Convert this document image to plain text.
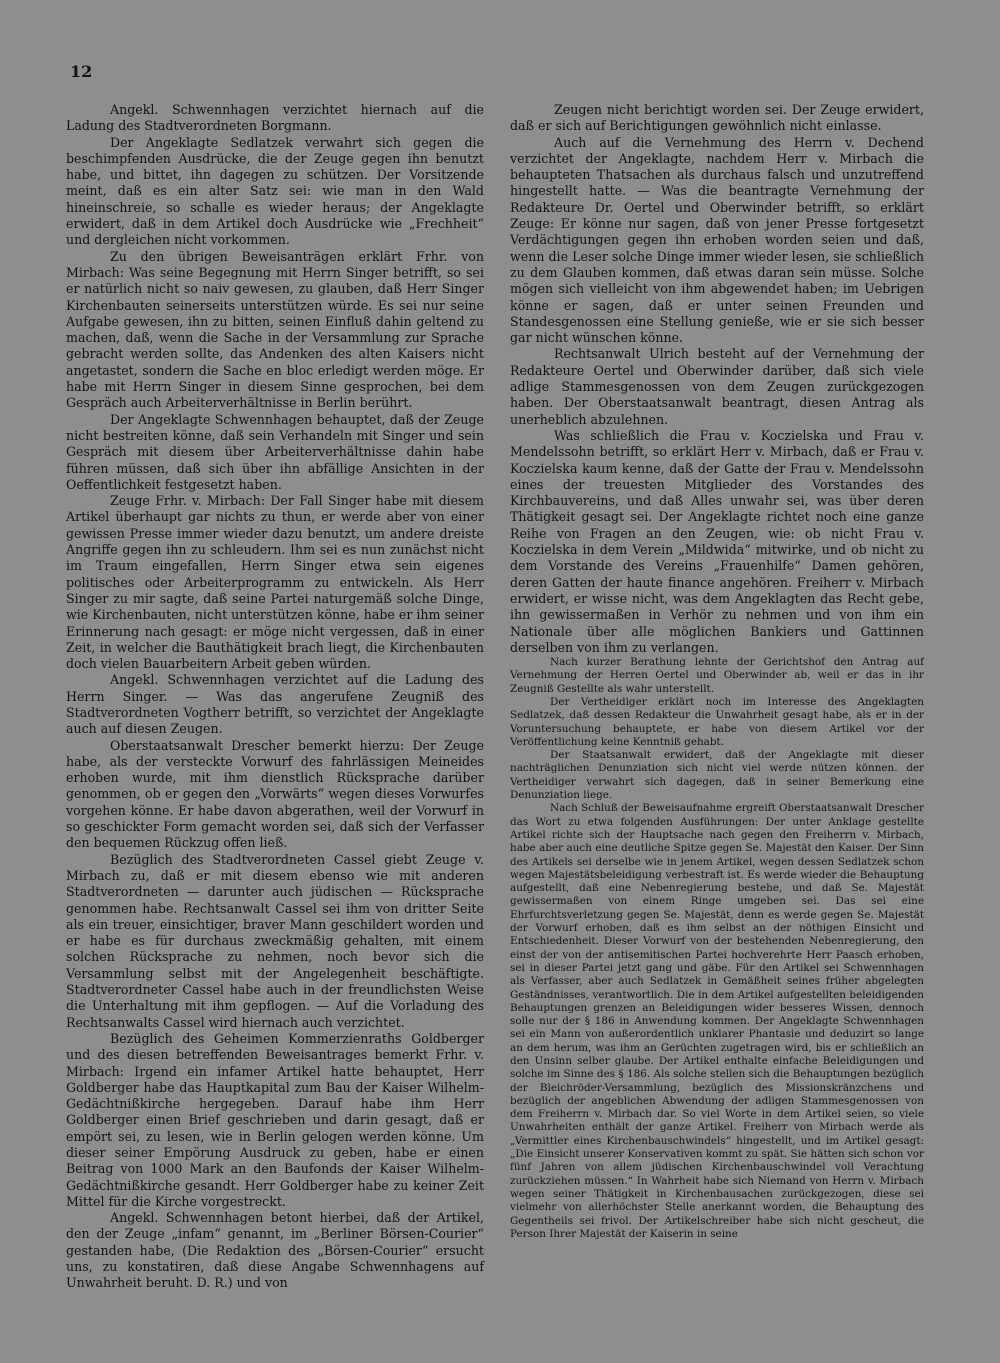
12

Angekl. Schwennhagen verzichtet hiernach auf die Ladung des Stadtverordneten Borgmann.

Der Angeklagte Sedlatzek verwahrt sich gegen die beschimpfenden Ausdrücke, die der Zeuge gegen ihn benutzt habe, und bittet, ihn dagegen zu schützen. Der Vorsitzende meint, daß es ein alter Satz sei: wie man in den Wald hineinschreie, so schalle es wieder heraus; der Angeklagte erwidert, daß in dem Artikel doch Ausdrücke wie „Frechheit“ und dergleichen nicht vorkommen.

Zu den übrigen Beweisanträgen erklärt Frhr. von Mirbach: Was seine Begegnung mit Herrn Singer betrifft, so sei er natürlich nicht so naiv gewesen, zu glauben, daß Herr Singer Kirchenbauten seinerseits unterstützen würde. Es sei nur seine Aufgabe gewesen, ihn zu bitten, seinen Einfluß dahin geltend zu machen, daß, wenn die Sache in der Versammlung zur Sprache gebracht werden sollte, das Andenken des alten Kaisers nicht angetastet, sondern die Sache en bloc erledigt werden möge. Er habe mit Herrn Singer in diesem Sinne gesprochen, bei dem Gespräch auch Arbeiterverhältnisse in Berlin berührt.

Der Angeklagte Schwennhagen behauptet, daß der Zeuge nicht bestreiten könne, daß sein Verhandeln mit Singer und sein Gespräch mit diesem über Arbeiterverhältnisse dahin habe führen müssen, daß sich über ihn abfällige Ansichten in der Oeffentlichkeit festgesetzt haben.

Zeuge Frhr. v. Mirbach: Der Fall Singer habe mit diesem Artikel überhaupt gar nichts zu thun, er werde aber von einer gewissen Presse immer wieder dazu benutzt, um andere dreiste Angriffe gegen ihn zu schleudern. Ihm sei es nun zunächst nicht im Traum eingefallen, Herrn Singer etwa sein eigenes politisches oder Arbeiterprogramm zu entwickeln. Als Herr Singer zu mir sagte, daß seine Partei naturgemäß solche Dinge, wie Kirchenbauten, nicht unterstützen könne, habe er ihm seiner Erinnerung nach gesagt: er möge nicht vergessen, daß in einer Zeit, in welcher die Bauthätigkeit brach liegt, die Kirchenbauten doch vielen Bauarbeitern Arbeit geben würden.

Angekl. Schwennhagen verzichtet auf die Ladung des Herrn Singer. — Was das angerufene Zeugniß des Stadtverordneten Vogtherr betrifft, so verzichtet der Angeklagte auch auf diesen Zeugen.

Oberstaatsanwalt Drescher bemerkt hierzu: Der Zeuge habe, als der versteckte Vorwurf des fahrlässigen Meineides erhoben wurde, mit ihm dienstlich Rücksprache darüber genommen, ob er gegen den „Vorwärts“ wegen dieses Vorwurfes vorgehen könne. Er habe davon abgerathen, weil der Vorwurf in so geschickter Form gemacht worden sei, daß sich der Verfasser den bequemen Rückzug offen ließ.

Bezüglich des Stadtverordneten Cassel giebt Zeuge v. Mirbach zu, daß er mit diesem ebenso wie mit anderen Stadtverordneten — darunter auch jüdischen — Rücksprache genommen habe. Rechtsanwalt Cassel sei ihm von dritter Seite als ein treuer, einsichtiger, braver Mann geschildert worden und er habe es für durchaus zweckmäßig gehalten, mit einem solchen Rücksprache zu nehmen, noch bevor sich die Versammlung selbst mit der Angelegenheit beschäftigte. Stadtverordneter Cassel habe auch in der freundlichsten Weise die Unterhaltung mit ihm gepflogen. — Auf die Vorladung des Rechtsanwalts Cassel wird hiernach auch verzichtet.

Bezüglich des Geheimen Kommerzienraths Goldberger und des diesen betreffenden Beweisantrages bemerkt Frhr. v. Mirbach: Irgend ein infamer Artikel hatte behauptet, Herr Goldberger habe das Hauptkapital zum Bau der Kaiser Wilhelm-Gedächtnißkirche hergegeben. Darauf habe ihm Herr Goldberger einen Brief geschrieben und darin gesagt, daß er empört sei, zu lesen, wie in Berlin gelogen werden könne. Um dieser seiner Empörung Ausdruck zu geben, habe er einen Beitrag von 1000 Mark an den Baufonds der Kaiser Wilhelm-Gedächtnißkirche gesandt. Herr Goldberger habe zu keiner Zeit Mittel für die Kirche vorgestreckt.

Angekl. Schwennhagen betont hierbei, daß der Artikel, den der Zeuge „infam“ genannt, im „Berliner Börsen-Courier“ gestanden habe, (Die Redaktion des „Börsen-Courier“ ersucht uns, zu konstatiren, daß diese Angabe Schwennhagens auf Unwahrheit beruht. D. R.) und von

Zeugen nicht berichtigt worden sei. Der Zeuge erwidert, daß er sich auf Berichtigungen gewöhnlich nicht einlasse.

Auch auf die Vernehmung des Herrn v. Dechend verzichtet der Angeklagte, nachdem Herr v. Mirbach die behaupteten Thatsachen als durchaus falsch und unzutreffend hingestellt hatte. — Was die beantragte Vernehmung der Redakteure Dr. Oertel und Oberwinder betrifft, so erklärt Zeuge: Er könne nur sagen, daß von jener Presse fortgesetzt Verdächtigungen gegen ihn erhoben worden seien und daß, wenn die Leser solche Dinge immer wieder lesen, sie schließlich zu dem Glauben kommen, daß etwas daran sein müsse. Solche mögen sich vielleicht von ihm abgewendet haben; im Uebrigen könne er sagen, daß er unter seinen Freunden und Standesgenossen eine Stellung genieße, wie er sie sich besser gar nicht wünschen könne.

Rechtsanwalt Ulrich besteht auf der Vernehmung der Redakteure Oertel und Oberwinder darüber, daß sich viele adlige Stammesgenossen von dem Zeugen zurückgezogen haben. Der Oberstaatsanwalt beantragt, diesen Antrag als unerheblich abzulehnen.

Was schließlich die Frau v. Koczielska und Frau v. Mendelssohn betrifft, so erklärt Herr v. Mirbach, daß er Frau v. Koczielska kaum kenne, daß der Gatte der Frau v. Mendelssohn eines der treuesten Mitglieder des Vorstandes des Kirchbauvereins, und daß Alles unwahr sei, was über deren Thätigkeit gesagt sei. Der Angeklagte richtet noch eine ganze Reihe von Fragen an den Zeugen, wie: ob nicht Frau v. Koczielska in dem Verein „Mildwida“ mitwirke, und ob nicht zu dem Vorstande des Vereins „Frauenhilfe“ Damen gehören, deren Gatten der haute finance angehören. Freiherr v. Mirbach erwidert, er wisse nicht, was dem Angeklagten das Recht gebe, ihn gewissermaßen in Verhör zu nehmen und von ihm ein Nationale über alle möglichen Bankiers und Gattinnen derselben von ihm zu verlangen.

Nach kurzer Berathung lehnte der Gerichtshof den Antrag auf Vernehmung der Herren Oertel und Oberwinder ab, weil er das in ihr Zeugniß Gestellte als wahr unterstellt.

Der Vertheidiger erklärt noch im Interesse des Angeklagten Sedlatzek, daß dessen Redakteur die Unwahrheit gesagt habe, als er in der Voruntersuchung behauptete, er habe von diesem Artikel vor der Veröffentlichung keine Kenntniß gehabt.

Der Staatsanwalt erwidert, daß der Angeklagte mit dieser nachträglichen Denunziation sich nicht viel werde nützen können. der Vertheidiger verwahrt sich dagegen, daß in seiner Bemerkung eine Denunziation liege.

Nach Schluß der Beweisaufnahme ergreift Oberstaatsanwalt Drescher das Wort zu etwa folgenden Ausführungen: Der unter Anklage gestellte Artikel richte sich der Hauptsache nach gegen den Freiherrn v. Mirbach, habe aber auch eine deutliche Spitze gegen Se. Majestät den Kaiser. Der Sinn des Artikels sei derselbe wie in jenem Artikel, wegen dessen Sedlatzek schon wegen Majestätsbeleidigung verbestraft ist. Es werde wieder die Behauptung aufgestellt, daß eine Nebenregierung bestehe, und daß Se. Majestät gewissermaßen von einem Ringe umgeben sei. Das sei eine Ehrfurchtsverletzung gegen Se. Majestät, denn es werde gegen Se. Majestät der Vorwurf erhoben, daß es ihm selbst an der nöthigen Einsicht und Entschiedenheit. Dieser Vorwurf von der bestehenden Nebenregierung, den einst der von der antisemitischen Partei hochverehrte Herr Paasch erhoben, sei in dieser Partei jetzt gang und gäbe. Für den Artikel sei Schwennhagen als Verfasser, aber auch Sedlatzek in Gemäßheit seines früher abgelegten Geständnisses, verantwortlich. Die in dem Artikel aufgestellten beleidigenden Behauptungen grenzen an Beleidigungen wider besseres Wissen, dennoch solle nur der § 186 in Anwendung kommen. Der Angeklagte Schwennhagen sei ein Mann von außerordentlich unklarer Phantasie und deduzirt so lange an dem herum, was ihm an Gerüchten zugetragen wird, bis er schließlich an den Unsinn selber glaube. Der Artikel enthalte einfache Beleidigungen und solche im Sinne des § 186. Als solche stellen sich die Behauptungen bezüglich der Bleichröder-Versammlung, bezüglich des Missionskränzchens und bezüglich der angeblichen Abwendung der adligen Stammesgenossen von dem Freiherrn v. Mirbach dar. So viel Worte in dem Artikel seien, so viele Unwahrheiten enthält der ganze Artikel. Freiherr von Mirbach werde als „Vermittler eines Kirchenbauschwindels“ hingestellt, und im Artikel gesagt: „Die Einsicht unserer Konservativen kommt zu spät. Sie hätten sich schon vor fünf Jahren von allem jüdischen Kirchenbauschwindel voll Verachtung zurückziehen müssen.“ In Wahrheit habe sich Niemand von Herrn v. Mirbach wegen seiner Thätigkeit in Kirchenbausachen zurückgezogen, diese sei vielmehr von allerhöchster Stelle anerkannt worden, die Behauptung des Gegentheils sei frivol. Der Artikelschreiber habe sich nicht gescheut, die Person Ihrer Majestät der Kaiserin in seine
